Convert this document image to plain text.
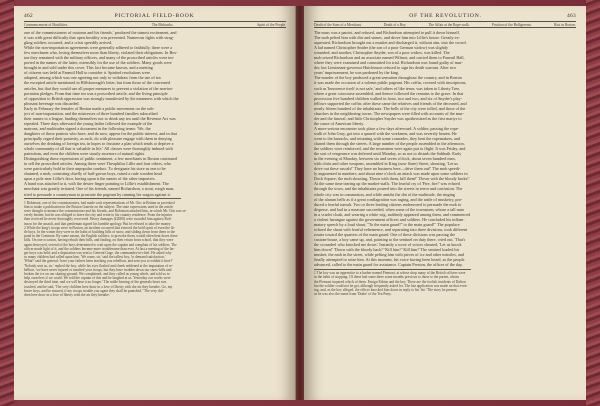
462	PICTORIAL FIELD-BOOK
Commencement of Hostilities.	The Mohawks.	Spirit of the People.
one of the commissioners of customs and his friends,' produced the utmost excitement, and
it was with great difficulty that open hostility was prevented. Numerous fights with strag-
gling soldiers occurred, and a crisis speedily arrived.
While the non-importation agreements were generally adhered to faithfully, there were a
few merchants who, loving themselves more than liberty, violated their obligations. In Bos-
ton they remained with the military officers, and many of the proscribed articles were im-
ported in the names of the latter, ostensibly for the use of the soldiers. Many goods were
brought in and sold under this cover. This fact became known, and a meeting
of citizens was held at Faneuil Hall to consider it. Spirited resolutions were
adopted, among which was one agreeing not only to withdraw from the use of tea
the excepted article mentioned in Hillsborough's letter, but from those of the concerned
articles, but that they would use all proper measures to prevent a violation of the non-im-
portation pledges. From that time tea was a proscribed article, and the living principle
of opposition to British oppression was strongly manifested by the meanness with which the
pleasant beverage was discarded.
Early in February the females of Boston made a public movement on the sub-
ject of non-importation, and the mistresses of three hundred families subscribed
their names to a league, binding themselves not to drink any tea until the Revenue Act was
repealed. Three days afterward the young ladies followed the example of the
matrons, and multitudes signed a document in the following terms: 'We, the
daughters of those patriots who have, and do now, appear for the public interest, and in that
principally regard their posterity, as such, do with pleasure engage with them in denying
ourselves the drinking of foreign tea, in hopes to frustrate a plan which tends to deprive a
whole community of all that is valuable in life.' All classes were thoroughly imbued with
patriotism, and even the children were stoutly assertors of natural rights.
Distinguishing those expressions of public sentiment, a few merchants in Boston continued
to sell the proscribed articles. Among these were Theophilus Lillie and four others, who
were particularly bold in their unpopular conduct. To designate his store as one to be
shunned, a mob, consisting chiefly of half-grown boys, raised a rude wooden head
upon a pole near Lillie's door, having upon it the names of the other importers.
A hand was attached to it, with the dexter finger pointing to Lillie's establishment. The
merchant was greatly irritated. One of his friends, named Richardson, a stout, rough man,
tried to persuade a countryman to prostrate the pageant by running his wagon against it.
1 Robinson, one of the commissioners, had made such representations of Mr. Otis in Britain as provoked
him to make a publication in the Boston Gazette on the subject. The state expressions used in the article
were thought to menace the commissioner and his friends, and Robinson attacked him, in which Mr. Otis was se-
verely beaten; but he was obliged to leave the city and retire to his country residence. From the injuries
then received he never thoroughly recovered. Heavy damages (£2000) were awarded him against Rob-
inson for the assault, and that gentleman signed his humble apology. But he refused to take the money.
2 While the king's troops were in Boston, an incident occurred that evinced the bold spirit of even the lit-
tle boys. In the winter they were in the habit of building hills of snow, and sliding down from them to the
pond in the Common. By some means, the English soldiers, to provoke them, would often beat down these
hills. On one occasion, having rebuilt their hills, and finding, on their return from school, that they were
again destroyed, several of the boys determined to wait upon the captain and complain of his soldiers. The
officer made light of it, and the soldiers became more troublesome than ever. At last a meeting of the lar-
ger boys was held, and a deputation was sent to General Gage, the commander-in-chief. He asked why
so many children had called upon him. 'We come, sir,' said the tallest boy, 'to demand satisfaction.'
'What!' said the general; 'have your fathers been teaching you rebellion, and sent you to exhibit it here?'
'Nobody sent us, sir,' replied the boy, while his eyes flashed and cheek reddened at the imputation of re-
bellion, 'we have never injured or insulted your troops, but they have trodden down our snow-hills and
broken the ice on our skating-ground. We complained, and they called us young rebels, and told us to
help ourselves if we could. We told the captain of this and he laughed at us. Yesterday our works were
destroyed the third time, and we will bear it no longer.' The noble bearing of the generals heart was
touched, and he said, 'The very children here draw in a love of liberty with the air they breathe. Go, my
brave boys, and be assured, if my troops trouble you again they shall be punished.' 'The very chil-
dren here draw in a love of liberty with the air they breathe.'
OF THE REVOLUTION.	463
Death of the Sons of a Merchant.	Death of a Boy.	The Affair at the Rope-walk.	Position of the Belligerents.	Riot in Boston.
The mass was a patriot, and refused, and Richardson attempted to pull it down himself.
The mob pelted him with dirt and stones, and drove him into Lillie's house. Greatly ex-
asperated, Richardson brought out a musket and discharged it, without aim, into the crowd.
A lad named Christopher Snider (the son of a poor German widow) was slightly
wounded; and another, Christopher Snyder, son of a poor widow, was killed. The
mob seized Richardson and an associate named Wilmot, and carried them to Faneuil Hall,
where they were examined and committed for trial. Richardson was found guilty of mur-
der, but Lieutenant-governor Hutchinson refused to sign his death warrant. After two
years' imprisonment, he was pardoned by the king.
The murder of the boy produced a great sensation throughout the country, and in Boston
it was made the occasion of a solemn public pageant. His coffin, covered with inscriptions,
such as 'Innocence itself is not safe,' and others of like tenor, was taken to Liberty Tree,
where a great concourse assembled, and thence followed the remains to the grave. In that
procession five hundred children walked in front, two and two, and six of Snyder's play-
fellows supported the coffin; after these came the relatives and friends of the deceased, and
nearly fifteen hundred of the inhabitants. The bells of the city were tolled, and those of the
churches in the neighboring towns. The newspapers were filled with accounts of the mur-
der and the funeral, and little Christopher Snyder was apotheosized as the first martyr to
the cause of American liberty.
A more serious encounter took place a few days afterward. A soldier, passing the rope-
walk of John Gray, got into a quarrel with the workmen, and was severely beaten. He
went to the barracks, and returning with some comrades, they beat the ropemakers, and
chased them through the streets. A large number of the people assembled in the afternoon,
the soldiers were reinforced, and the townsmen were again put to flight. It was Friday, and
the sort of vengeance was deferred until Monday, so as not to disturb the Sabbath. Early
in the evening of Monday, between six and seven o'clock, about seven hundred men,
with clubs and other weapons, assembled in King (now State) Street, shouting, 'Let us
drive out these rascals!' They have no business here—drive them out!' The mob speedi-
ly augmented in numbers, and about nine o'clock an attack was made upon some soldiers in
Dock Square; the mob shouting, 'Down with them, kill them!' 'Down with the bloody backs!'
At the same time tearing up the market-stalls. The fearful cry of 'Fire, fire!' was echoed
through the town, and the inhabitants poured into the streets in terror and confusion. The
whole city was in commotion, and while amidst the din of the multitude, the ringing
of the alarum bells as if a great conflagration was raging, and the rattle of musketry, pro-
duced a fearful tumult. Two or three leading citizens endeavored to persuade the mob to
disperse, and had in a measure succeeded, when some of the townsmen, whose a tall man
in a scarlet cloak, and wearing a white wig, suddenly appeared among them, and commenced
a violent harangue against the government officers and soldiers. He concluded his inflam-
matory speech by a loud shout, "To the main guard!" to the main guard!" The populace
echoed the shout with fearful vehemence, and separating into three divisions, took different
routes toward the quarters of the main guard. One of these divisions was passing the
custom-house, a boy came up, and, pointing to the sentinel on duty there, cried out, 'That's
the scoundrel who knocked me down.' Instantly a score of voices shouted, 'Let us knock
him down!' 'Down with the bloody back!' 'Kill him!' 'Kill him!' The sentinel loaded his
musket; the mob in the street, while pelting him with pieces of ice and other missiles, and
finally attempted to seize him. At this moment, his voice having been heard, as the people
advanced, called to the main guard for assistance. Captain Preston, the officer of the day,
1 The boy was an apprentice to a barber named Piemont, at whose shop many of the British officers were
in the habit of stopping. Of these had some three some months previous to those to the parent, whom
the Piemont inquired which of them. Ensign Fabius and the boy. There are the foolish incidents of Dalton
but the soldier could not be got, although frequently asked for. The last application was made on that even-
ing, and, as the boy alleged, the officer knocked him down in reply to his 'fee.' The story he present
as he was also the name from 'Drake' of the Tea Party.
